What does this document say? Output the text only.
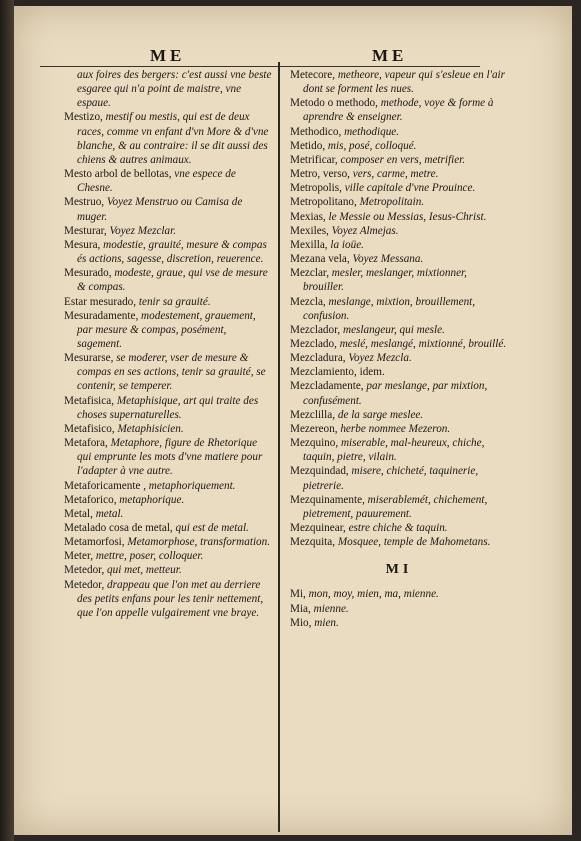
ME	ME
aux foires des bergers: c'est aussi vne beste esgaree qui n'a point de maistre, vne espaue.
Mestizo, mestif ou mestis, qui est de deux races, comme vn enfant d'vn More & d'vne blanche, & au contraire: il se dit aussi des chiens & autres animaux.
Mesto arbol de bellotas, vne espece de Chesne.
Mestruo, Voyez Menstruo ou Camisa de muger.
Mesturar, Voyez Mezclar.
Mesura, modestie, grauité, mesure & compas és actions, sagesse, discretion, reuerence.
Mesurado, modeste, graue, qui vse de mesure & compas.
Estar mesurado, tenir sa grauité.
Mesuradamente, modestement, grauement, par mesure & compas, posément, sagement.
Mesurarse, se moderer, vser de mesure & compas en ses actions, tenir sa grauité, se contenir, se temperer.
Metafisica, Metaphisique, art qui traite des choses supernaturelles.
Metafisico, Metaphisicien.
Metafora, Metaphore, figure de Rhetorique qui emprunte les mots d'vne matiere pour l'adapter à vne autre.
Metaforicamente , metaphoriquement.
Metaforico, metaphorique.
Metal, metal.
Metalado cosa de metal, qui est de metal.
Metamorfosi, Metamorphose, transformation.
Meter, mettre, poser, colloquer.
Metedor, qui met, metteur.
Metedor, drappeau que l'on met au derriere des petits enfans pour les tenir nettement, que l'on appelle vulgairement vne braye.
Metecore, metheore, vapeur qui s'esleue en l'air dont se forment les nues.
Metodo o methodo, methode, voye & forme à aprendre & enseigner.
Methodico, methodique.
Metido, mis, posé, colloqué.
Metrificar, composer en vers, metrifier.
Metro, verso, vers, carme, metre.
Metropolis, ville capitale d'vne Prouince.
Metropolitano, Metropolitain.
Mexias, le Messie ou Messias, Iesus-Christ.
Mexiles, Voyez Almejas.
Mexilla, la ioüe.
Mezana vela, Voyez Messana.
Mezclar, mesler, meslanger, mixtionner, brouiller.
Mezcla, meslange, mixtion, brouillement, confusion.
Mezclador, meslangeur, qui mesle.
Mezclado, meslé, meslangé, mixtionné, brouillé.
Mezcladura, Voyez Mezcla.
Mezclamiento, idem.
Mezcladamente, par meslange, par mixtion, confusément.
Mezclilla, de la sarge meslee.
Mezereon, herbe nommee Mezeron.
Mezquino, miserable, mal-heureux, chiche, taquin, pietre, vilain.
Mezquindad, misere, chicheté, taquinerie, pietrerie.
Mezquinamente, miserablemét, chichement, pietrement, pauurement.
Mezquinear, estre chiche & taquin.
Mezquita, Mosquee, temple de Mahometans.
MI
Mi, mon, moy, mien, ma, mienne.
Mia, mienne.
Mio, mien.
